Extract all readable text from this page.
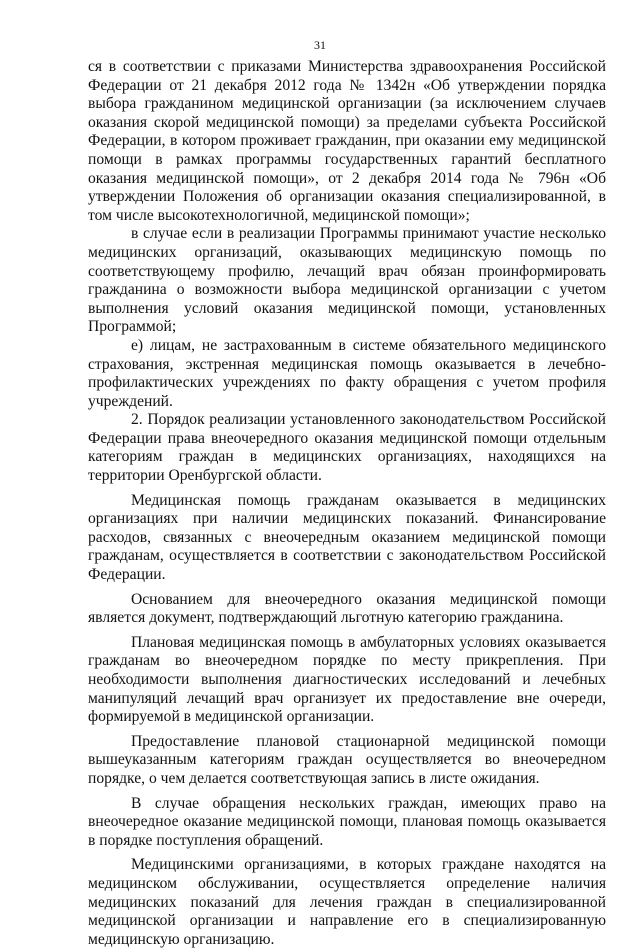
31

ся в соответствии с приказами Министерства здравоохранения Российской Федерации от 21 декабря 2012 года № 1342н «Об утверждении порядка выбора гражданином медицинской организации (за исключением случаев оказания скорой медицинской помощи) за пределами субъекта Российской Федерации, в котором проживает гражданин, при оказании ему медицинской помощи в рамках программы государственных гарантий бесплатного оказания медицинской помощи», от 2 декабря 2014 года № 796н «Об утверждении Положения об организации оказания специализированной, в том числе высокотехнологичной, медицинской помощи»;

в случае если в реализации Программы принимают участие несколько медицинских организаций, оказывающих медицинскую помощь по соответствующему профилю, лечащий врач обязан проинформировать гражданина о возможности выбора медицинской организации с учетом выполнения условий оказания медицинской помощи, установленных Программой;

е) лицам, не застрахованным в системе обязательного медицинского страхования, экстренная медицинская помощь оказывается в лечебно-профилактических учреждениях по факту обращения с учетом профиля учреждений.

2. Порядок реализации установленного законодательством Российской Федерации права внеочередного оказания медицинской помощи отдельным категориям граждан в медицинских организациях, находящихся на территории Оренбургской области.

Медицинская помощь гражданам оказывается в медицинских организациях при наличии медицинских показаний. Финансирование расходов, связанных с внеочередным оказанием медицинской помощи гражданам, осуществляется в соответствии с законодательством Российской Федерации.

Основанием для внеочередного оказания медицинской помощи является документ, подтверждающий льготную категорию гражданина.

Плановая медицинская помощь в амбулаторных условиях оказывается гражданам во внеочередном порядке по месту прикрепления. При необходимости выполнения диагностических исследований и лечебных манипуляций лечащий врач организует их предоставление вне очереди, формируемой в медицинской организации.

Предоставление плановой стационарной медицинской помощи вышеуказанным категориям граждан осуществляется во внеочередном порядке, о чем делается соответствующая запись в листе ожидания.

В случае обращения нескольких граждан, имеющих право на внеочередное оказание медицинской помощи, плановая помощь оказывается в порядке поступления обращений.

Медицинскими организациями, в которых граждане находятся на медицинском обслуживании, осуществляется определение наличия медицинских показаний для лечения граждан в специализированной медицинской организации и направление его в специализированную медицинскую организацию.
